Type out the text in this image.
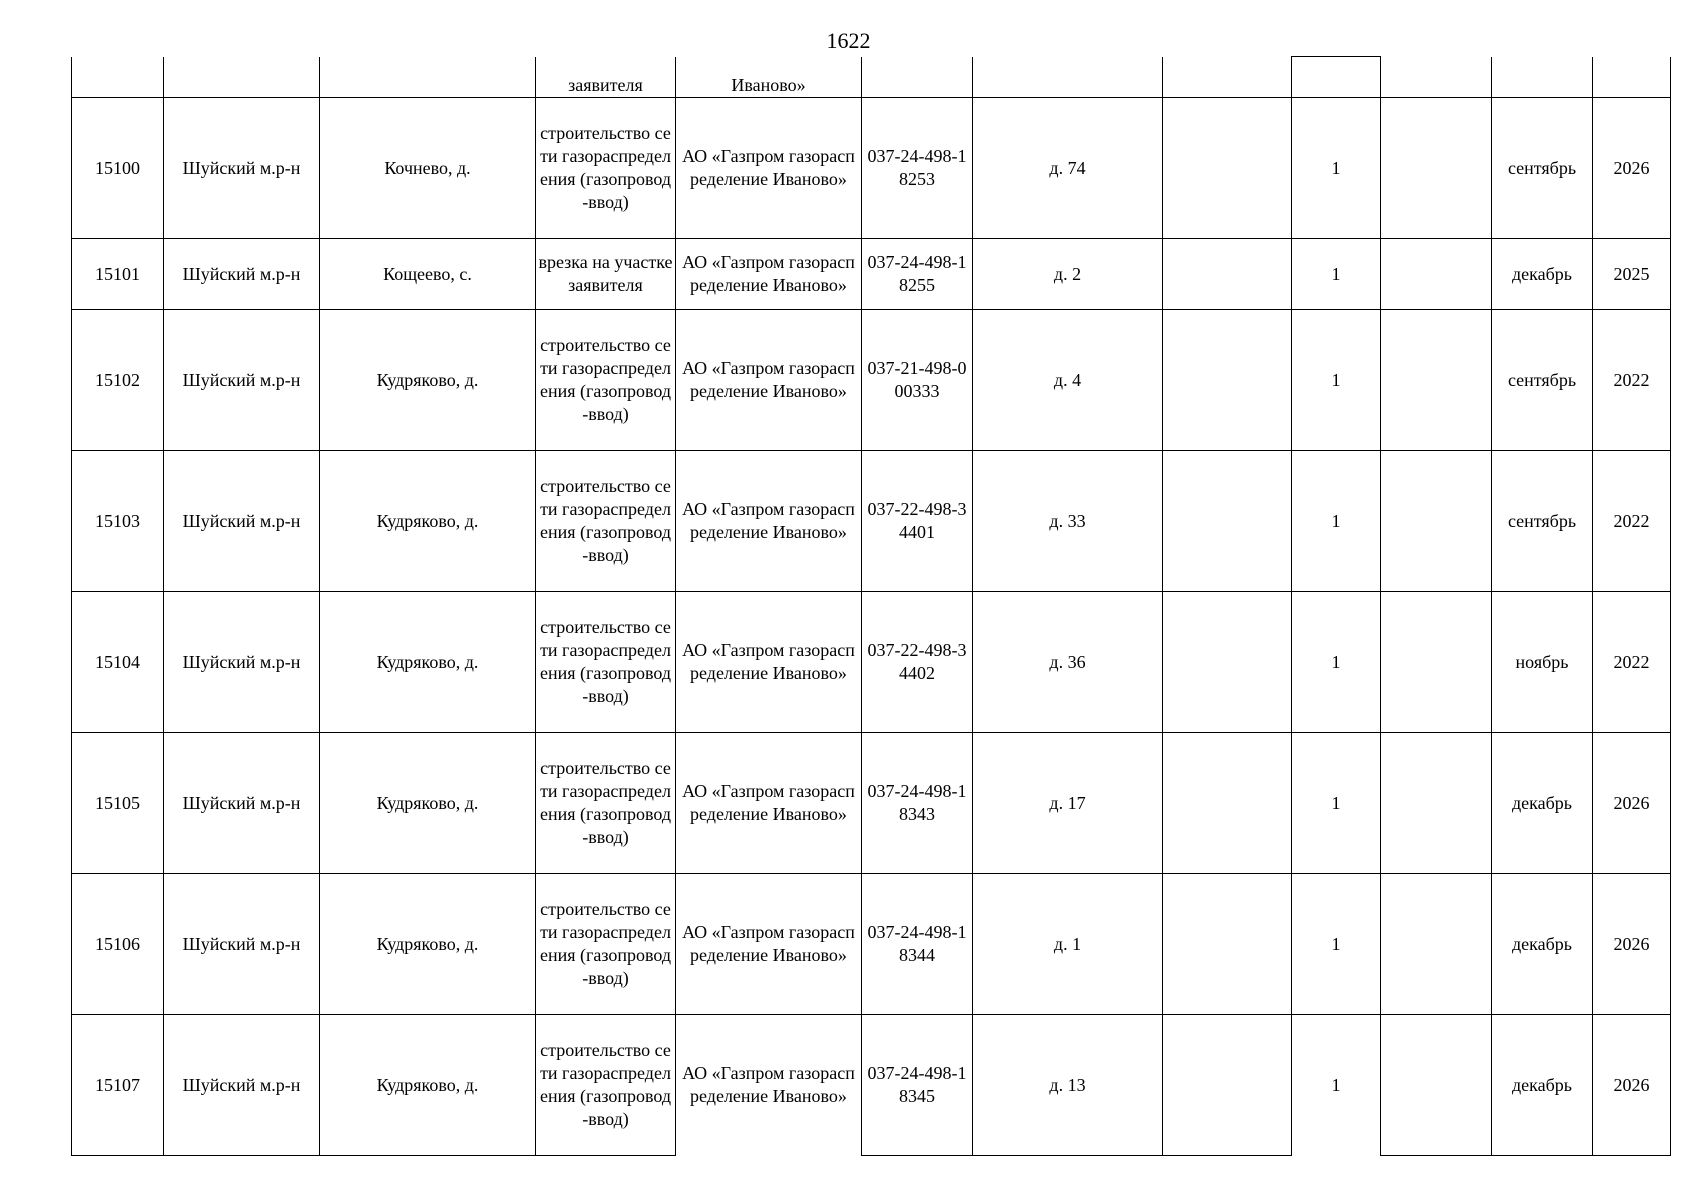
1622
			заявителя	Иваново»							
15100	Шуйский м.р-н	Кочнево, д.	строительство сети газораспределения (газопровод-ввод)	АО «Газпром газораспределение Иваново»	037-24-498-18253	д. 74		1		сентябрь	2026
15101	Шуйский м.р-н	Кощеево, с.	врезка на участке заявителя	АО «Газпром газораспределение Иваново»	037-24-498-18255	д. 2		1		декабрь	2025
15102	Шуйский м.р-н	Кудряково, д.	строительство сети газораспределения (газопровод-ввод)	АО «Газпром газораспределение Иваново»	037-21-498-000333	д. 4		1		сентябрь	2022
15103	Шуйский м.р-н	Кудряково, д.	строительство сети газораспределения (газопровод-ввод)	АО «Газпром газораспределение Иваново»	037-22-498-34401	д. 33		1		сентябрь	2022
15104	Шуйский м.р-н	Кудряково, д.	строительство сети газораспределения (газопровод-ввод)	АО «Газпром газораспределение Иваново»	037-22-498-34402	д. 36		1		ноябрь	2022
15105	Шуйский м.р-н	Кудряково, д.	строительство сети газораспределения (газопровод-ввод)	АО «Газпром газораспределение Иваново»	037-24-498-18343	д. 17		1		декабрь	2026
15106	Шуйский м.р-н	Кудряково, д.	строительство сети газораспределения (газопровод-ввод)	АО «Газпром газораспределение Иваново»	037-24-498-18344	д. 1		1		декабрь	2026
15107	Шуйский м.р-н	Кудряково, д.	строительство сети газораспределения (газопровод-ввод)	АО «Газпром газораспределение Иваново»	037-24-498-18345	д. 13		1		декабрь	2026
